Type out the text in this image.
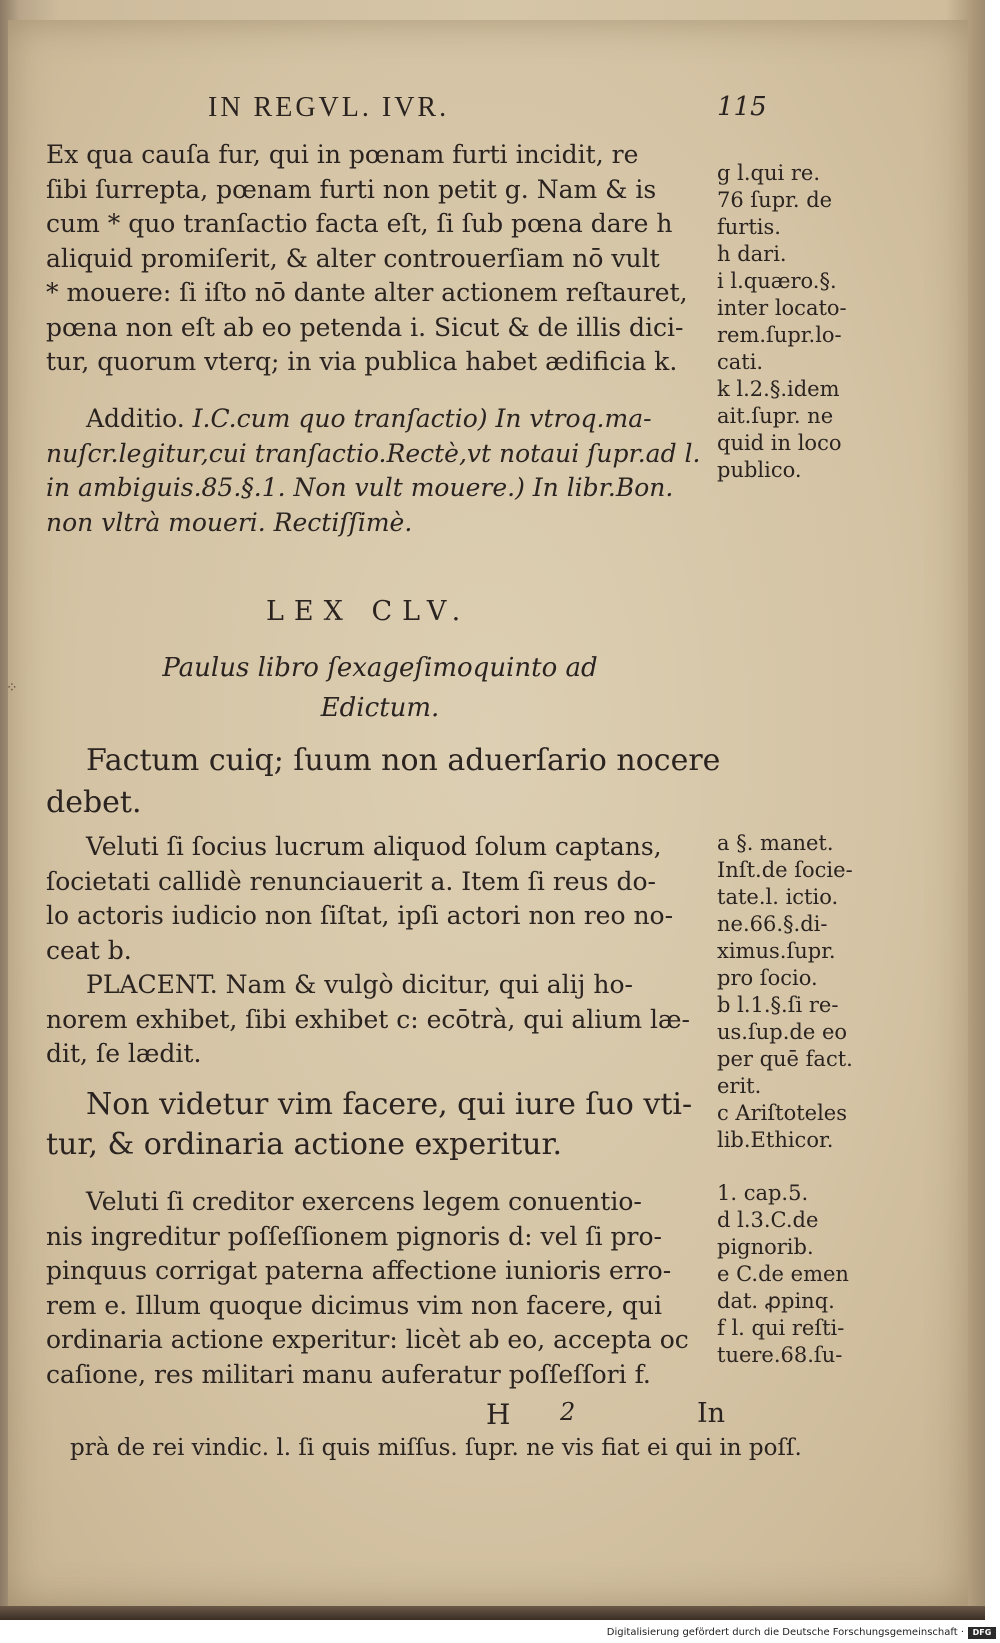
⁘
IN REGVL. IVR.	115
Ex qua cauſa fur, qui in pœnam furti incidit, re
ſibi ſurrepta, pœnam furti non petit g. Nam & is
cum * quo tranſactio facta eſt, ſi ſub pœna dare h
aliquid promiſerit, & alter controuerſiam nō vult
* mouere: ſi iſto nō dante alter actionem reſtauret,
pœna non eſt ab eo petenda i. Sicut & de illis dici-
tur, quorum vterq; in via publica habet ædificia k.
g l.qui re.
76 ſupr. de
furtis.
h dari.
i l.quæro.§.
inter locato-
rem.ſupr.lo-
cati.
k l.2.§.idem
ait.ſupr. ne
quid in loco
publico.
Additio. I.C.cum quo tranſactio) In vtroq.ma-
nuſcr.legitur,cui tranſactio.Rectè,vt notaui ſupr.ad l.
in ambiguis.85.§.1. Non vult mouere.) In libr.Bon.
non vltrà moueri. Rectiſſimè.
LEX CLV.
Paulus libro ſexageſimoquinto ad
Edictum.
Factum cuiq; ſuum non aduerſario nocere
debet.
Veluti ſi ſocius lucrum aliquod ſolum captans,
ſocietati callidè renunciauerit a. Item ſi reus do-
lo actoris iudicio non ſiſtat, ipſi actori non reo no-
ceat b.
PLACENT. Nam & vulgò dicitur, qui alij ho-
norem exhibet, ſibi exhibet c: ecōtrà, qui alium læ-
dit, ſe lædit.
a §. manet.
Inſt.de ſocie-
tate.l. ictio.
ne.66.§.di-
ximus.ſupr.
pro ſocio.
b l.1.§.ſi re-
us.ſup.de eo
per quē fact.
erit.
c Ariſtoteles
lib.Ethicor.
Non videtur vim facere, qui iure ſuo vti-
tur, & ordinaria actione experitur.
Veluti ſi creditor exercens legem conuentio-
nis ingreditur poſſeſſionem pignoris d: vel ſi pro-
pinquus corrigat paterna affectione iunioris erro-
rem e. Illum quoque dicimus vim non facere, qui
ordinaria actione experitur: licèt ab eo, accepta oc
caſione, res militari manu auferatur poſſeſſori f.
1. cap.5.
d l.3.C.de
pignorib.
e C.de emen
dat. ꝓpinq.
f l. qui reſti-
tuere.68.ſu-
H 2	In
prà de rei vindic. l. ſi quis miſſus. ſupr. ne vis fiat ei qui in poſſ.
Digitalisierung gefördert durch die Deutsche Forschungsgemeinschaft ·	DFG
